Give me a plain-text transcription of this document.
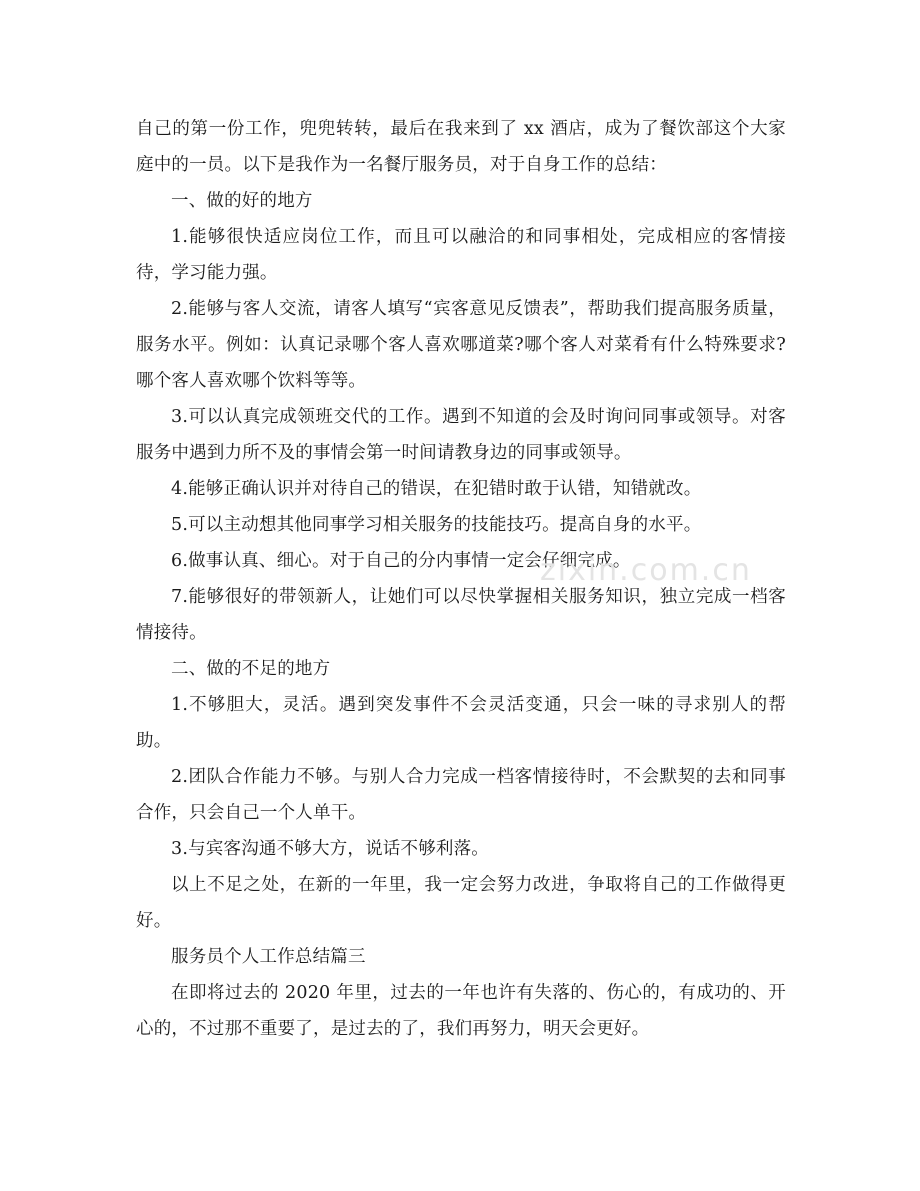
自己的第一份工作，兜兜转转，最后在我来到了 xx 酒店，成为了餐饮部这个大家庭中的一员。以下是我作为一名餐厅服务员，对于自身工作的总结：

一、做的好的地方

1.能够很快适应岗位工作，而且可以融洽的和同事相处，完成相应的客情接待，学习能力强。

2.能够与客人交流，请客人填写“宾客意见反馈表”，帮助我们提高服务质量，服务水平。例如：认真记录哪个客人喜欢哪道菜?哪个客人对菜肴有什么特殊要求?哪个客人喜欢哪个饮料等等。

3.可以认真完成领班交代的工作。遇到不知道的会及时询问同事或领导。对客服务中遇到力所不及的事情会第一时间请教身边的同事或领导。

4.能够正确认识并对待自己的错误，在犯错时敢于认错，知错就改。

5.可以主动想其他同事学习相关服务的技能技巧。提高自身的水平。

6.做事认真、细心。对于自己的分内事情一定会仔细完成。

7.能够很好的带领新人，让她们可以尽快掌握相关服务知识，独立完成一档客情接待。

二、做的不足的地方

1.不够胆大，灵活。遇到突发事件不会灵活变通，只会一味的寻求别人的帮助。

2.团队合作能力不够。与别人合力完成一档客情接待时，不会默契的去和同事合作，只会自己一个人单干。

3.与宾客沟通不够大方，说话不够利落。

以上不足之处，在新的一年里，我一定会努力改进，争取将自己的工作做得更好。

服务员个人工作总结篇三

在即将过去的 2020 年里，过去的一年也许有失落的、伤心的，有成功的、开心的，不过那不重要了，是过去的了，我们再努力，明天会更好。

zixin.com.cn
